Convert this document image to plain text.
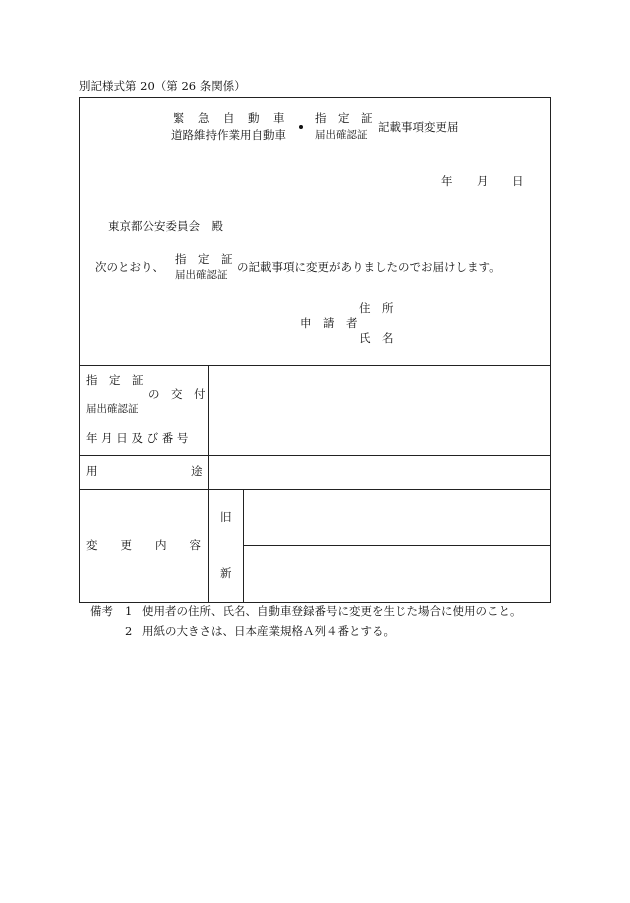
別記様式第 20（第 26 条関係）
緊　急　自　動　車
道路維持作業用自動車
指　定　証
届出確認証
記載事項変更届
年 月 日
東京都公安委員会　殿
次のとおり、
指　定　証
届出確認証
の記載事項に変更がありましたのでお届けします。
住　所
申　請　者
氏　名
指　定　証
の　交　付
届出確認証
年 月 日 及 び 番 号
用	途
変　　更　　内　　容
旧
新
備考 1 使用者の住所、氏名、自動車登録番号に変更を生じた場合に使用のこと。
2 用紙の大きさは、日本産業規格Ａ列４番とする。
